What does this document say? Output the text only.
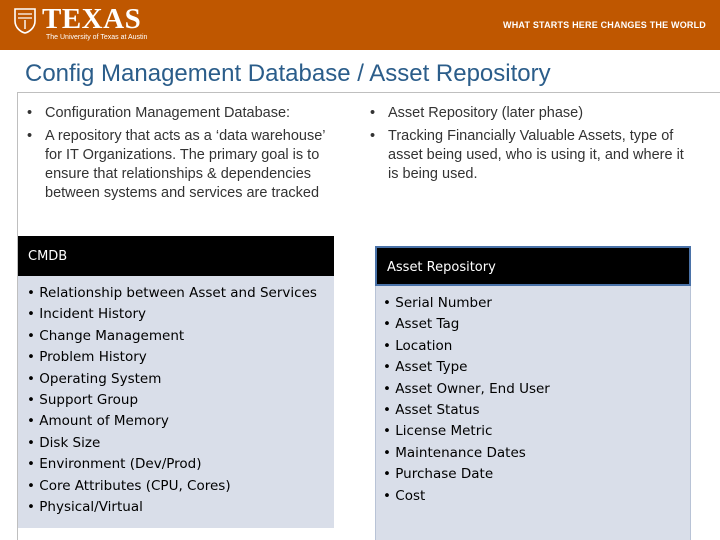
TEXAS
The University of Texas at Austin
WHAT STARTS HERE CHANGES THE WORLD
Config Management Database / Asset Repository
• Configuration Management Database:
• A repository that acts as a ‘data warehouse’ for IT Organizations. The primary goal is to ensure that relationships & dependencies between systems and services are tracked
• Asset Repository (later phase)
• Tracking Financially Valuable Assets, type of asset being used, who is using it, and where it is being used.
CMDB
• Relationship between Asset and Services
• Incident History
• Change Management
• Problem History
• Operating System
• Support Group
• Amount of Memory
• Disk Size
• Environment (Dev/Prod)
• Core Attributes (CPU, Cores)
• Physical/Virtual
Asset Repository
• Serial Number
• Asset Tag
• Location
• Asset Type
• Asset Owner, End User
• Asset Status
• License Metric
• Maintenance Dates
• Purchase Date
• Cost
